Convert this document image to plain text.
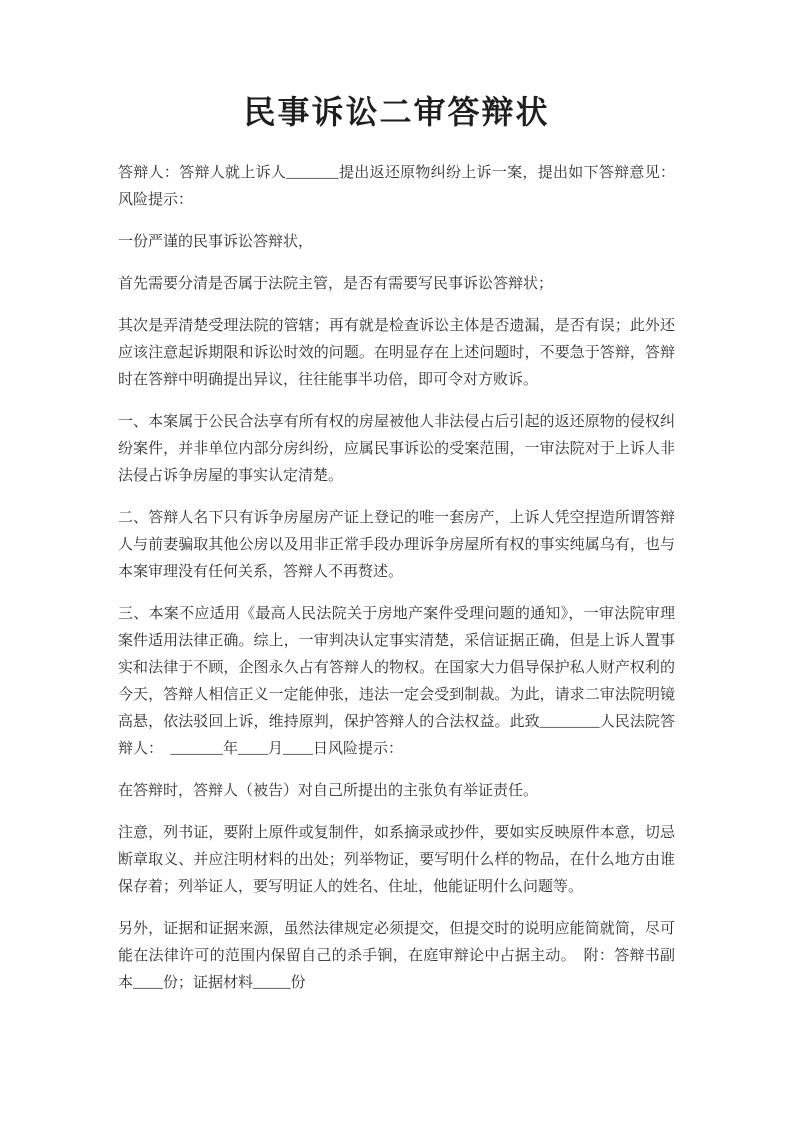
民事诉讼二审答辩状

答辩人：答辩人就上诉人_______提出返还原物纠纷上诉一案，提出如下答辩意见：风险提示：

一份严谨的民事诉讼答辩状，

首先需要分清是否属于法院主管，是否有需要写民事诉讼答辩状；

其次是弄清楚受理法院的管辖；再有就是检查诉讼主体是否遗漏，是否有误；此外还应该注意起诉期限和诉讼时效的问题。在明显存在上述问题时，不要急于答辩，答辩时在答辩中明确提出异议，往往能事半功倍，即可令对方败诉。

一、本案属于公民合法享有所有权的房屋被他人非法侵占后引起的返还原物的侵权纠纷案件，并非单位内部分房纠纷，应属民事诉讼的受案范围，一审法院对于上诉人非法侵占诉争房屋的事实认定清楚。

二、答辩人名下只有诉争房屋房产证上登记的唯一套房产，上诉人凭空捏造所谓答辩人与前妻骗取其他公房以及用非正常手段办理诉争房屋所有权的事实纯属乌有，也与本案审理没有任何关系，答辩人不再赘述。

三、本案不应适用《最高人民法院关于房地产案件受理问题的通知》，一审法院审理案件适用法律正确。综上，一审判决认定事实清楚，采信证据正确，但是上诉人置事实和法律于不顾，企图永久占有答辩人的物权。在国家大力倡导保护私人财产权利的今天，答辩人相信正义一定能伸张，违法一定会受到制裁。为此，请求二审法院明镜高悬，依法驳回上诉，维持原判，保护答辩人的合法权益。此致________人民法院答辩人：　_______年____月____日风险提示：

在答辩时，答辩人（被告）对自己所提出的主张负有举证责任。

注意，列书证，要附上原件或复制件，如系摘录或抄件，要如实反映原件本意，切忌断章取义、并应注明材料的出处；列举物证，要写明什么样的物品，在什么地方由谁保存着；列举证人，要写明证人的姓名、住址，他能证明什么问题等。

另外，证据和证据来源，虽然法律规定必须提交，但提交时的说明应能简就简，尽可能在法律许可的范围内保留自己的杀手锏，在庭审辩论中占据主动。　附：答辩书副本____份；证据材料_____份
